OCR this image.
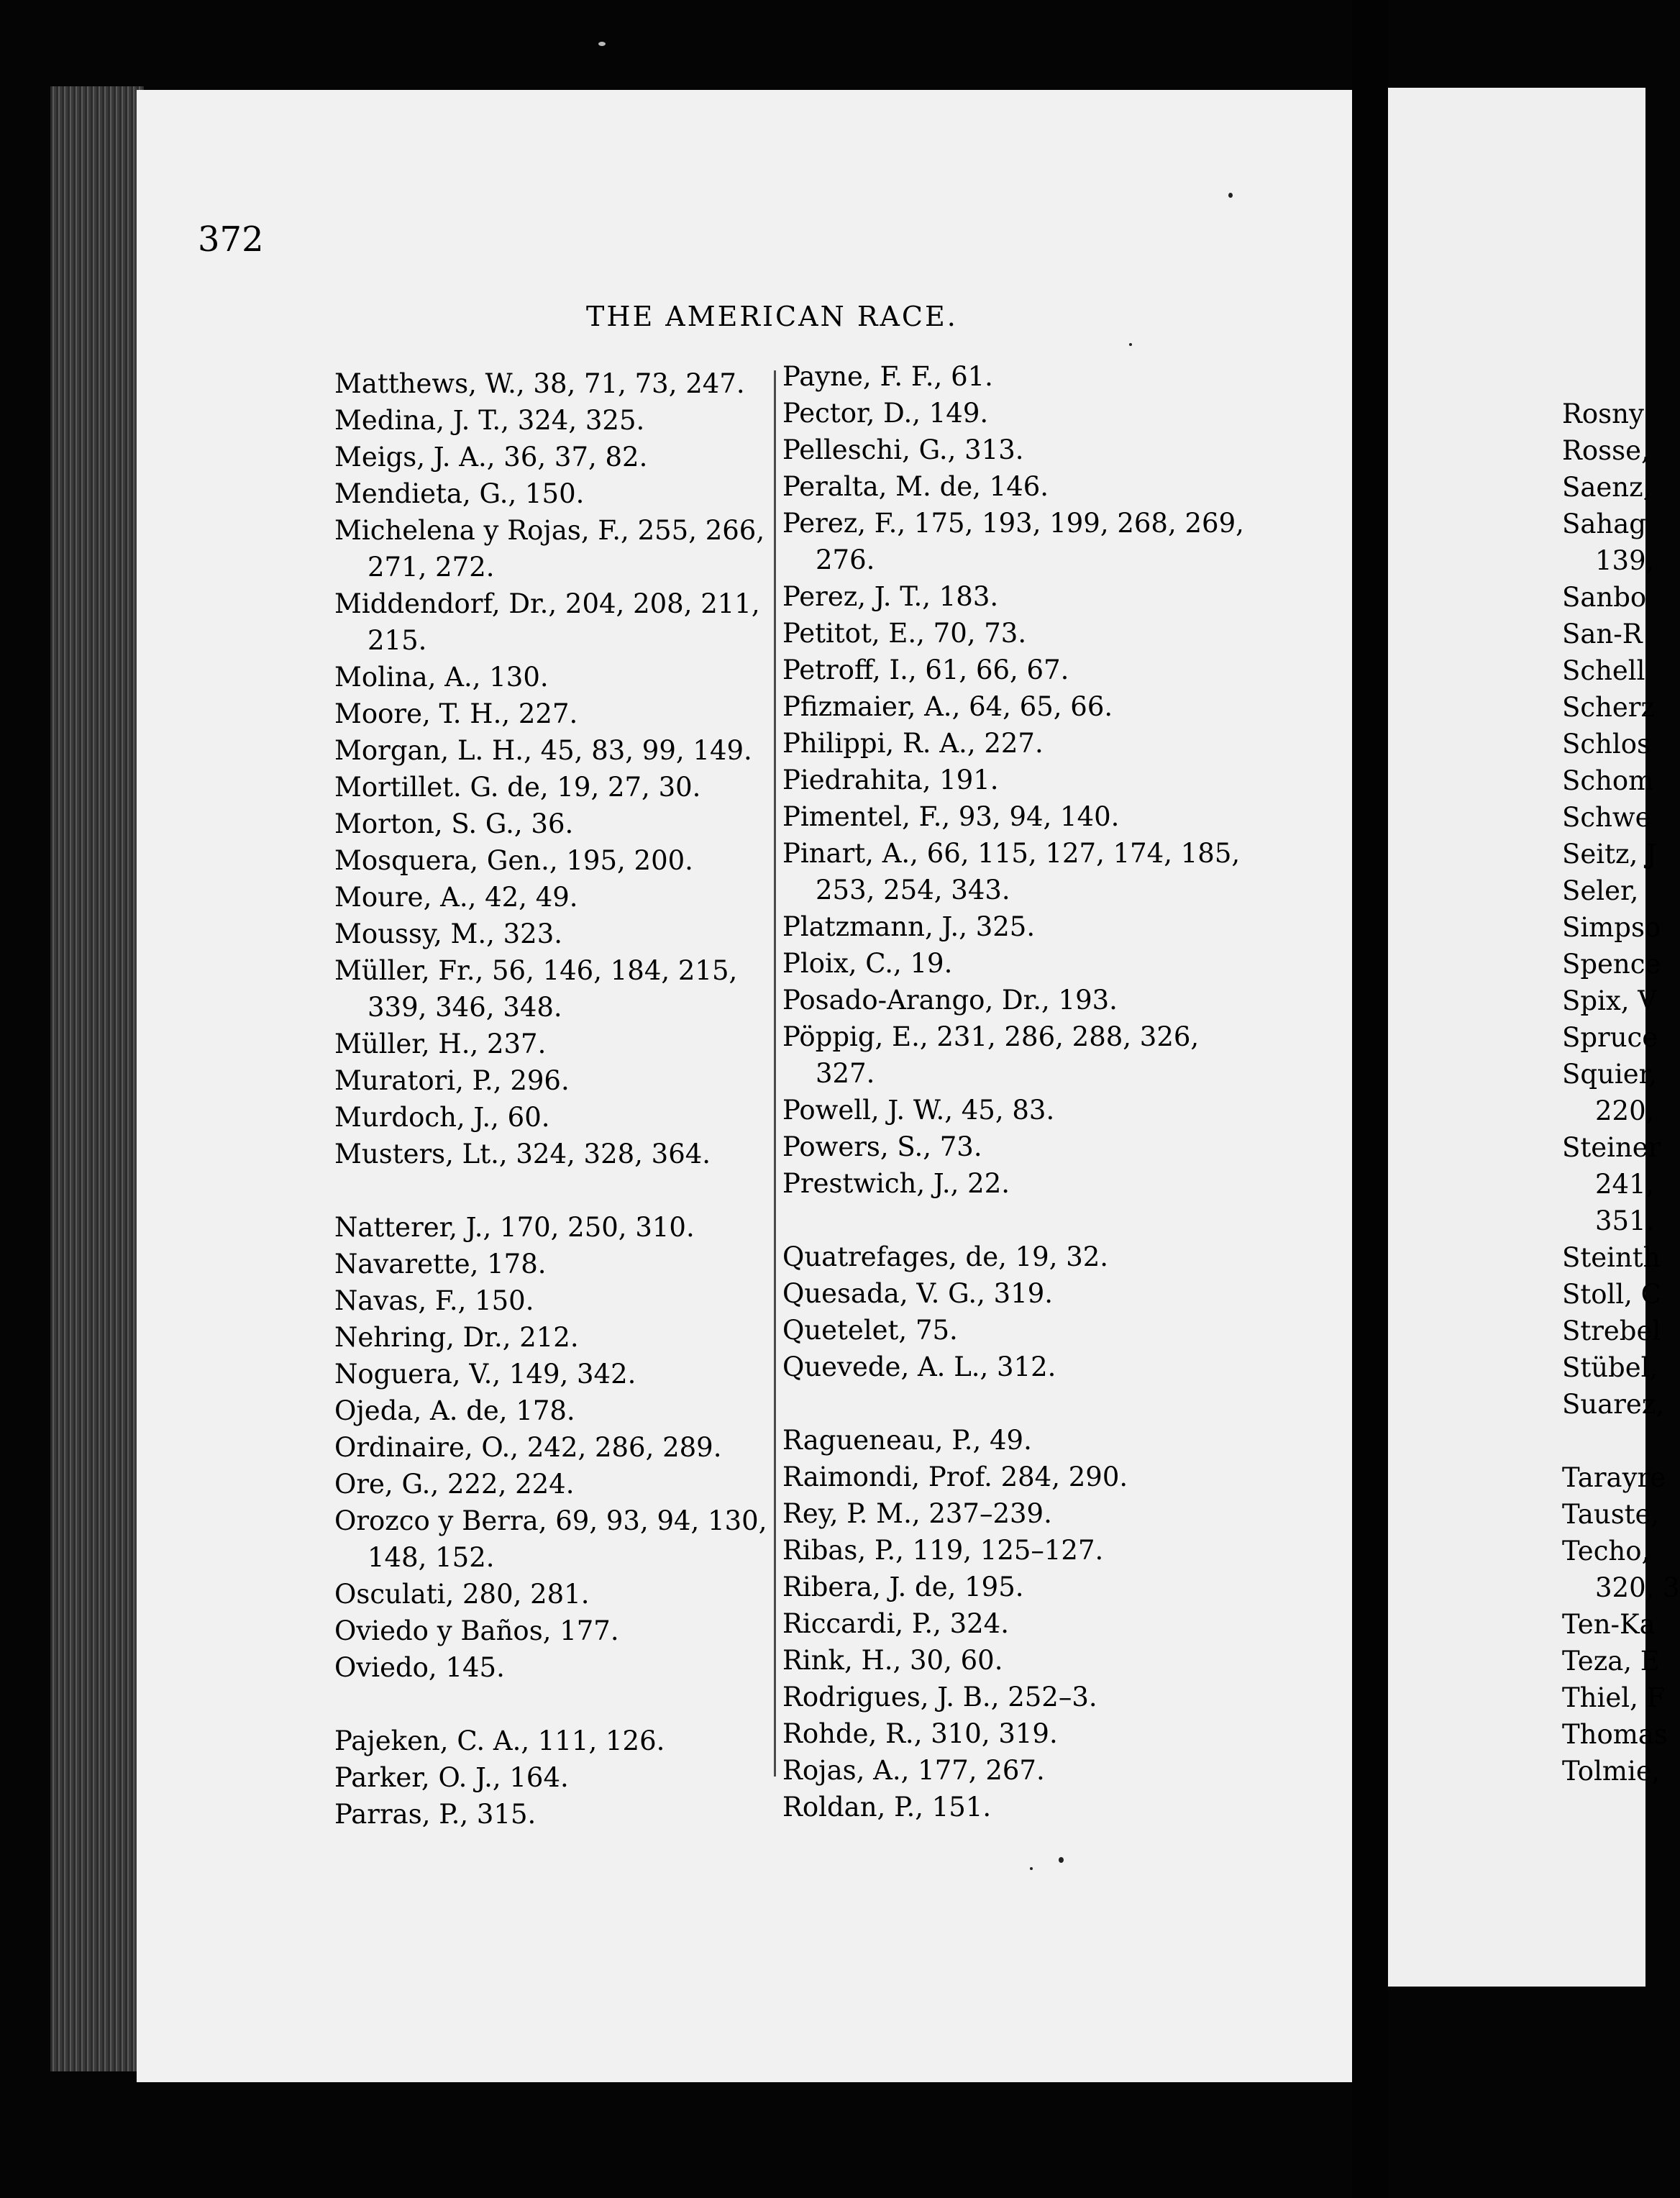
372
THE AMERICAN RACE.
Matthews, W., 38, 71, 73, 247.
Medina, J. T., 324, 325.
Meigs, J. A., 36, 37, 82.
Mendieta, G., 150.
Michelena y Rojas, F., 255, 266,
271, 272.
Middendorf, Dr., 204, 208, 211,
215.
Molina, A., 130.
Moore, T. H., 227.
Morgan, L. H., 45, 83, 99, 149.
Mortillet. G. de, 19, 27, 30.
Morton, S. G., 36.
Mosquera, Gen., 195, 200.
Moure, A., 42, 49.
Moussy, M., 323.
Müller, Fr., 56, 146, 184, 215,
339, 346, 348.
Müller, H., 237.
Muratori, P., 296.
Murdoch, J., 60.
Musters, Lt., 324, 328, 364.
Natterer, J., 170, 250, 310.
Navarette, 178.
Navas, F., 150.
Nehring, Dr., 212.
Noguera, V., 149, 342.
Ojeda, A. de, 178.
Ordinaire, O., 242, 286, 289.
Ore, G., 222, 224.
Orozco y Berra, 69, 93, 94, 130,
148, 152.
Osculati, 280, 281.
Oviedo y Baños, 177.
Oviedo, 145.
Pajeken, C. A., 111, 126.
Parker, O. J., 164.
Parras, P., 315.
Payne, F. F., 61.
Pector, D., 149.
Pelleschi, G., 313.
Peralta, M. de, 146.
Perez, F., 175, 193, 199, 268, 269,
276.
Perez, J. T., 183.
Petitot, E., 70, 73.
Petroff, I., 61, 66, 67.
Pfizmaier, A., 64, 65, 66.
Philippi, R. A., 227.
Piedrahita, 191.
Pimentel, F., 93, 94, 140.
Pinart, A., 66, 115, 127, 174, 185,
253, 254, 343.
Platzmann, J., 325.
Ploix, C., 19.
Posado-Arango, Dr., 193.
Pöppig, E., 231, 286, 288, 326,
327.
Powell, J. W., 45, 83.
Powers, S., 73.
Prestwich, J., 22.
Quatrefages, de, 19, 32.
Quesada, V. G., 319.
Quetelet, 75.
Quevede, A. L., 312.
Ragueneau, P., 49.
Raimondi, Prof. 284, 290.
Rey, P. M., 237–239.
Ribas, P., 119, 125–127.
Ribera, J. de, 195.
Riccardi, P., 324.
Rink, H., 30, 60.
Rodrigues, J. B., 252–3.
Rohde, R., 310, 319.
Rojas, A., 177, 267.
Roldan, P., 151.
Rosny
Rosse,
Saenz,
Sahag
139,
Sanbo
San-R
Schell
Scherz
Schlos
Schom
Schwe
Seitz, J
Seler,
Simpso
Spence
Spix, V
Spruce
Squier,
220,
Steiner
241,
351.
Steinth
Stoll, C
Strebel
Stübel,
Suarez,
Tarayre
Tauste,
Techo,
320, 3
Ten-Ka
Teza, E
Thiel, F
Thomas
Tolmie,
